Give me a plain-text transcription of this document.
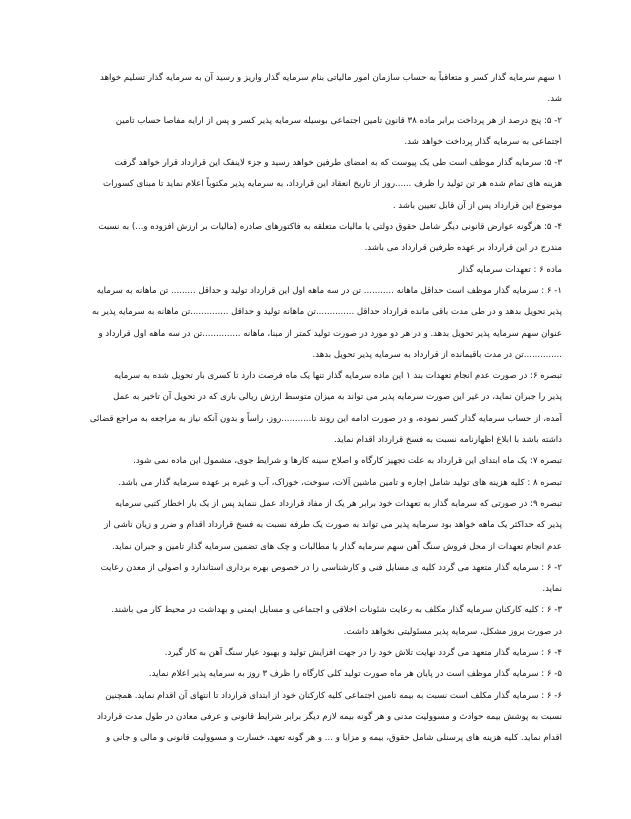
۱ سهم سرمایه گذار کسر و متعاقباً به حساب سازمان امور مالیاتی بنام سرمایه گذار واریز و رسید آن به سرمایه گذار تسلیم خواهد
شد.
۲- ۵: پنج درصد از هر پرداخت برابر ماده ۳۸ قانون تامین اجتماعی بوسیله سرمایه پذیر کسر و پس از ارایه مفاصا حساب تامین
اجتماعی به سرمایه گذار پرداخت خواهد شد.
۳- ۵: سرمایه گذار موظف است طی یک پیوست که به امضای طرفین خواهد رسید و جزء لاینفک این قرارداد قرار خواهد گرفت
هزینه های تمام شده هر تن تولید را ظرف ......روز از تاریخ انعقاد این قرارداد، به سرمایه پذیر مکتوباً اعلام نماید تا مبنای کسورات
موضوع این قرارداد پس از آن قابل تعیین باشد .
۴- ۵: هرگونه عوارض قانونی دیگر شامل حقوق دولتی یا مالیات متعلقه به فاکتورهای صادره (مالیات بر ارزش افزوده و...) به نسبت
مندرج در این قرارداد بر عهده طرفین قرارداد می باشد.
ماده ۶ : تعهدات سرمایه گذار
۱- ۶ : سرمایه گذار موظف است حداقل ماهانه ........... تن در سه ماهه اول این قرارداد تولید و حداقل ......... تن ماهانه به سرمایه
پذیر تحویل بدهد و در طی مدت باقی مانده قرارداد حداقل ..............تن ماهانه تولید و حداقل ..............تن ماهانه به سرمایه پذیر به
عنوان سهم سرمایه پذیر تحویل بدهد. و در هر دو مورد در صورت تولید کمتر از مبنا، ماهانه ..............تن در سه ماهه اول قرارداد و
..............تن در مدت باقیمانده از قرارداد به سرمایه پذیر تحویل بدهد.
تبصره ۶: در صورت عدم انجام تعهدات بند ۱ این ماده سرمایه گذار تنها یک ماه فرصت دارد تا کسری بار تحویل شده به سرمایه
پذیر را جبران نماید، در غیر این صورت سرمایه پذیر می تواند به میزان متوسط ارزش ریالی باری که در تحویل آن تاخیر به عمل
آمده، از حساب سرمایه گذار کسر نموده، و در صورت ادامه این روند تا...........روز، راساً و بدون آنکه نیاز به مراجعه به مراجع قضائی
داشته باشد با ابلاغ اظهارنامه نسبت به فسخ قرارداد اقدام نماید.
تبصره ۷: یک ماه ابتدای این قرارداد به علت تجهیز کارگاه و اصلاح سینه کارها و شرایط جوی، مشمول این ماده نمی شود.
تبصره ۸ : کلیه هزینه های تولید شامل اجاره و تامین ماشین آلات، سوخت، خوراک، آب و غیره بر عهده سرمایه گذار می باشد.
تبصره ۹: در صورتی که سرمایه گذار به تعهدات خود برابر هر یک از مفاد قرارداد عمل ننماید پس از یک بار اخطار کتبی سرمایه
پذیر که حداکثر یک ماهه خواهد بود سرمایه پذیر می تواند به صورت یک طرفه نسبت به فسخ قرارداد اقدام و ضرر و زیان ناشی از
عدم انجام تعهدات از محل فروش سنگ آهن سهم سرمایه گذار یا مطالبات و چک های تضمین سرمایه گذار تامین و جبران نماید.
۲- ۶ : سرمایه گذار متعهد می گردد کلیه ی مسایل فنی و کارشناسی را در خصوص بهره برداری استاندارد و اصولی از معدن رعایت
نماید.
۳- ۶ : کلیه کارکنان سرمایه گذار مکلف به رعایت شئونات اخلاقی و اجتماعی و مسایل ایمنی و بهداشت در محیط کار می باشند.
در صورت بروز مشکل، سرمایه پذیر مسئولیتی نخواهد داشت.
۴- ۶ : سرمایه گذار متعهد می گردد نهایت تلاش خود را در جهت افزایش تولید و بهبود عیار سنگ آهن به کار گیرد.
۵- ۶ : سرمایه گذار موظف است در پایان هر ماه صورت تولید کلی کارگاه را ظرف ۳ روز به سرمایه پذیر اعلام نماید.
۶- ۶ : سرمایه گذار مکلف است نسبت به بیمه تامین اجتماعی کلیه کارکنان خود از ابتدای قرارداد تا انتهای آن اقدام نماید. همچنین
نسبت به پوشش بیمه حوادث و مسوولیت مدنی و هر گونه بیمه لازم دیگر برابر شرایط قانونی و عرفی معادن در طول مدت قرارداد
اقدام نماید. کلیه هزینه های پرسنلی شامل حقوق، بیمه و مزایا و ... و هر گونه تعهد، خسارت و مسوولیت قانونی و مالی و جانی و
